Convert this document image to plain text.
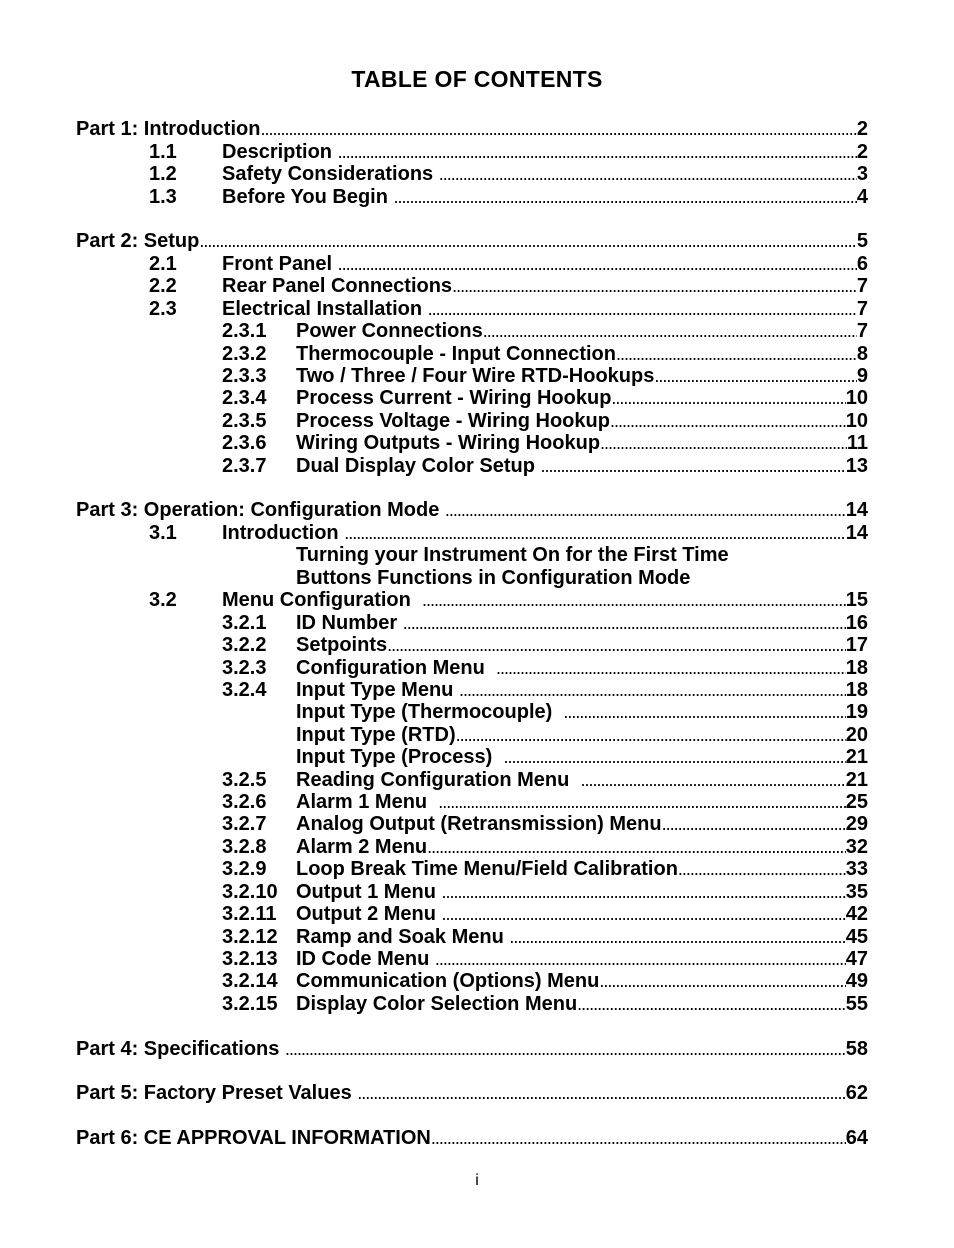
TABLE OF CONTENTS
Part 1: Introduction . . .	2
1.1 Description . . .	2
1.2 Safety Considerations . . .	3
1.3 Before You Begin . . .	4
Part 2: Setup . . .	5
2.1 Front Panel . . .	6
2.2 Rear Panel Connections . . .	7
2.3 Electrical Installation . . .	7
2.3.1 Power Connections . . .	7
2.3.2 Thermocouple - Input Connection . . .	8
2.3.3 Two / Three / Four Wire RTD-Hookups . . .	9
2.3.4 Process Current - Wiring Hookup . . .	10
2.3.5 Process Voltage - Wiring Hookup . . .	10
2.3.6 Wiring Outputs - Wiring Hookup . . .	11
2.3.7 Dual Display Color Setup . . .	13
Part 3: Operation: Configuration Mode . . .	14
3.1 Introduction . . .	14
Turning your Instrument On for the First Time
Buttons Functions in Configuration Mode
3.2 Menu Configuration . . .	15
3.2.1 ID Number . . .	16
3.2.2 Setpoints . . .	17
3.2.3 Configuration Menu . . .	18
3.2.4 Input Type Menu . . .	18
Input Type (Thermocouple) . . .	19
Input Type (RTD) . . .	20
Input Type (Process) . . .	21
3.2.5 Reading Configuration Menu . . .	21
3.2.6 Alarm 1 Menu . . .	25
3.2.7 Analog Output (Retransmission) Menu . . .	29
3.2.8 Alarm 2 Menu . . .	32
3.2.9 Loop Break Time Menu/Field Calibration . . .	33
3.2.10 Output 1 Menu . . .	35
3.2.11 Output 2 Menu . . .	42
3.2.12 Ramp and Soak Menu . . .	45
3.2.13 ID Code Menu . . .	47
3.2.14 Communication (Options) Menu . . .	49
3.2.15 Display Color Selection Menu . . .	55
Part 4: Specifications . . .	58
Part 5: Factory Preset Values . . .	62
Part 6: CE APPROVAL INFORMATION . . .	64
i
